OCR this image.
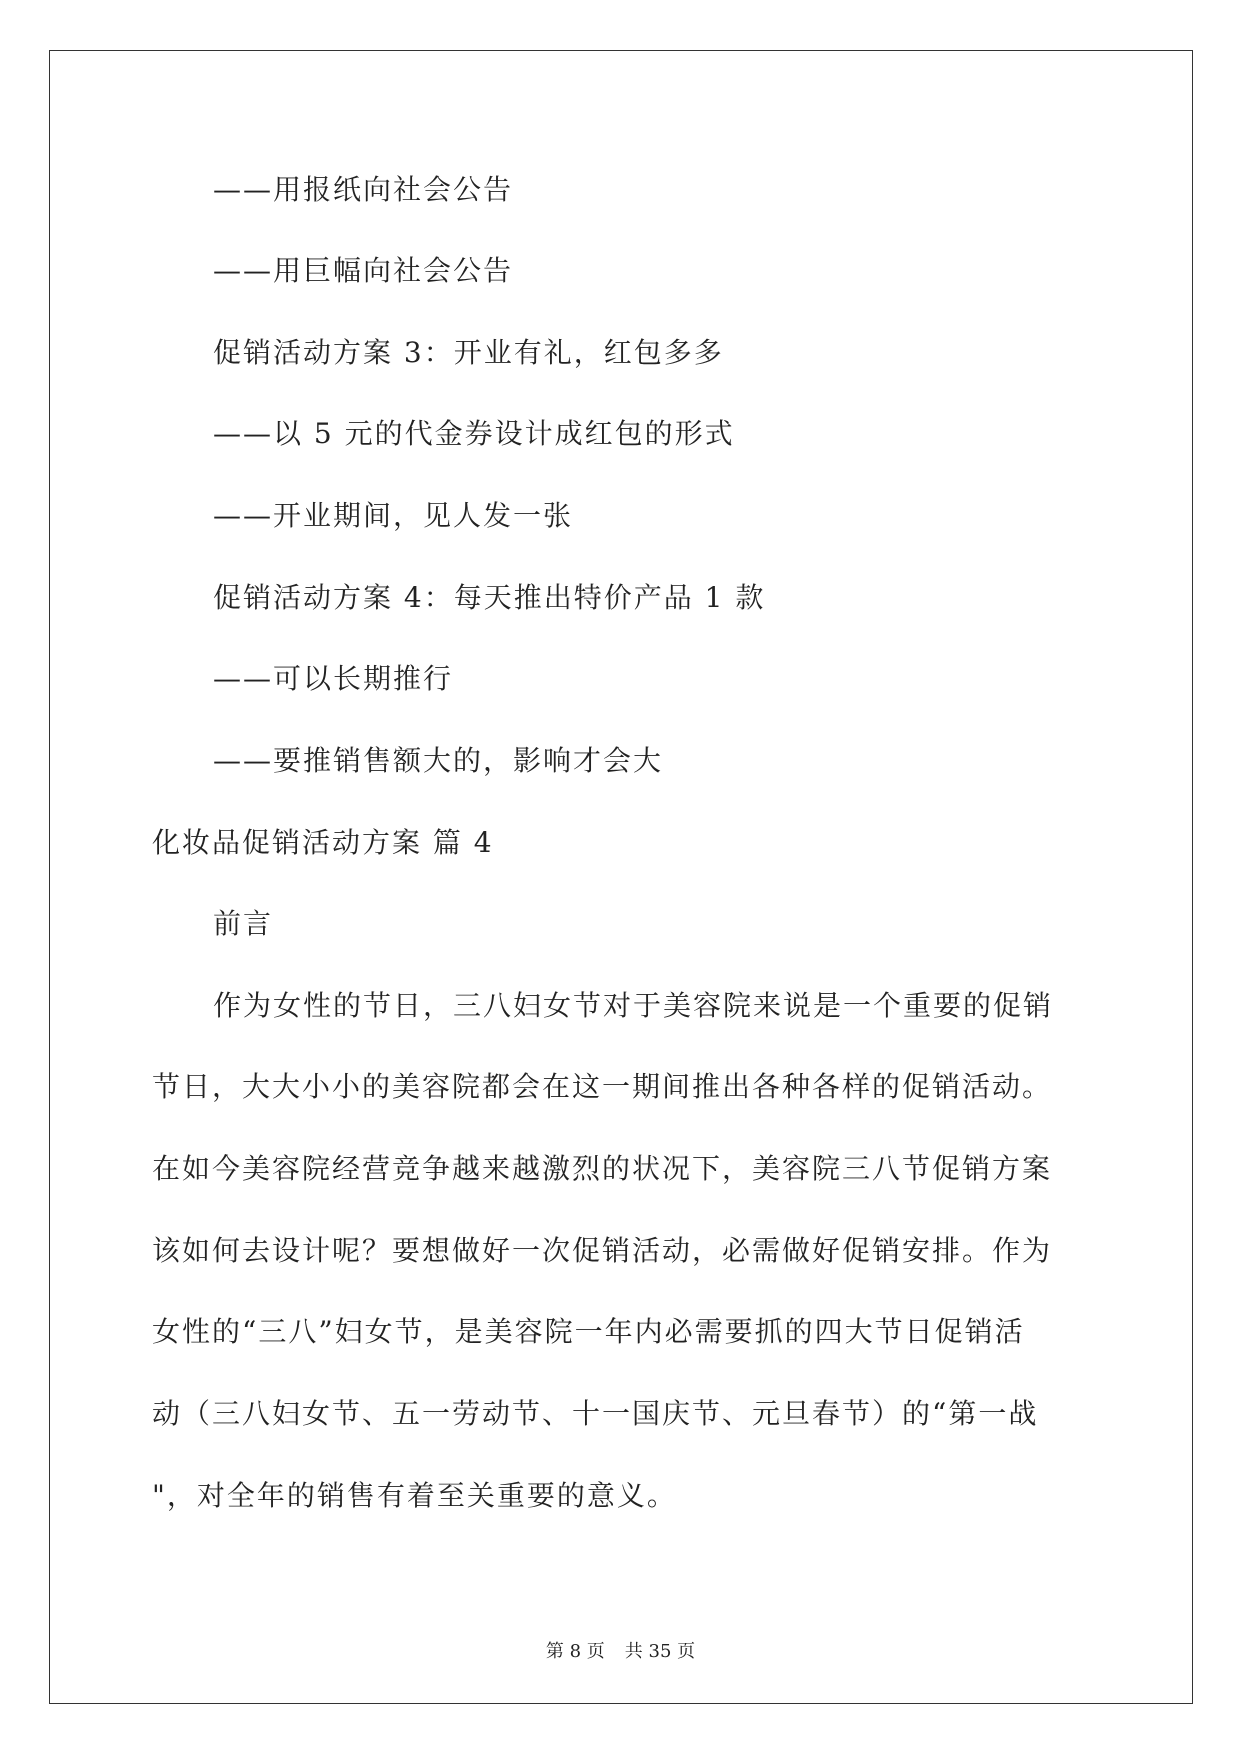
——用报纸向社会公告
——用巨幅向社会公告
促销活动方案 3：开业有礼，红包多多
——以 5 元的代金券设计成红包的形式
——开业期间，见人发一张
促销活动方案 4：每天推出特价产品 1 款
——可以长期推行
——要推销售额大的，影响才会大
化妆品促销活动方案 篇 4
前言
作为女性的节日，三八妇女节对于美容院来说是一个重要的促销
节日，大大小小的美容院都会在这一期间推出各种各样的促销活动。
在如今美容院经营竞争越来越激烈的状况下，美容院三八节促销方案
该如何去设计呢？要想做好一次促销活动，必需做好促销安排。作为
女性的“三八”妇女节，是美容院一年内必需要抓的四大节日促销活
动（三八妇女节、五一劳动节、十一国庆节、元旦春节）的“第一战
"，对全年的销售有着至关重要的意义。
第 8 页 共 35 页
